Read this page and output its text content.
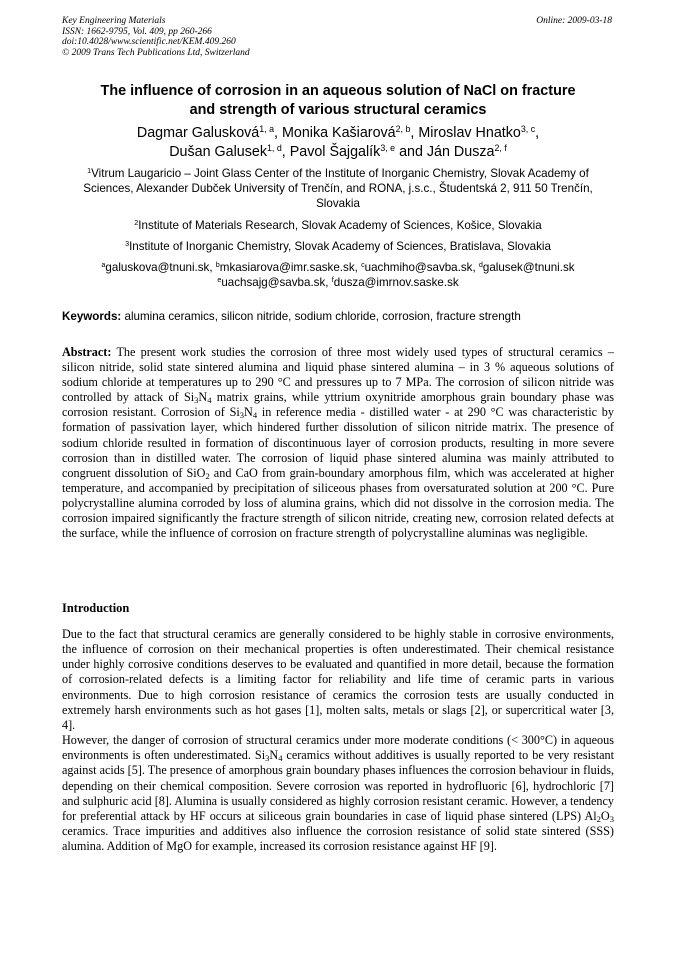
Key Engineering Materials
ISSN: 1662-9795, Vol. 409, pp 260-266
doi:10.4028/www.scientific.net/KEM.409.260
© 2009 Trans Tech Publications Ltd, Switzerland
Online: 2009-03-18
The influence of corrosion in an aqueous solution of NaCl on fracture
and strength of various structural ceramics
Dagmar Galusková$^{1, a}$, Monika Kašiarová$^{2, b}$, Miroslav Hnatko$^{3, c}$,
Dušan Galusek$^{1, d}$, Pavol Šajgalík$^{3, e}$ and Ján Dusza$^{2, f}$
$^1$Vitrum Laugaricio – Joint Glass Center of the Institute of Inorganic Chemistry, Slovak Academy of Sciences, Alexander Dubček University of Trenčín, and RONA, j.s.c., Študentská 2, 911 50 Trenčín, Slovakia
$^2$Institute of Materials Research, Slovak Academy of Sciences, Košice, Slovakia
$^3$Institute of Inorganic Chemistry, Slovak Academy of Sciences, Bratislava, Slovakia
$^a$galuskova@tnuni.sk, $^b$mkasiarova@imr.saske.sk, $^c$uachmiho@savba.sk, $^d$galusek@tnuni.sk
$^e$uachsajg@savba.sk, $^f$dusza@imrnov.saske.sk
Keywords: alumina ceramics, silicon nitride, sodium chloride, corrosion, fracture strength
Abstract: The present work studies the corrosion of three most widely used types of structural ceramics – silicon nitride, solid state sintered alumina and liquid phase sintered alumina – in 3 % aqueous solutions of sodium chloride at temperatures up to 290 °C and pressures up to 7 MPa. The corrosion of silicon nitride was controlled by attack of $Si_3N_4$ matrix grains, while yttrium oxynitride amorphous grain boundary phase was corrosion resistant. Corrosion of $Si_3N_4$ in reference media - distilled water - at 290 °C was characteristic by formation of passivation layer, which hindered further dissolution of silicon nitride matrix. The presence of sodium chloride resulted in formation of discontinuous layer of corrosion products, resulting in more severe corrosion than in distilled water. The corrosion of liquid phase sintered alumina was mainly attributed to congruent dissolution of SiO$_2$ and CaO from grain-boundary amorphous film, which was accelerated at higher temperature, and accompanied by precipitation of siliceous phases from oversaturated solution at 200 °C. Pure polycrystalline alumina corroded by loss of alumina grains, which did not dissolve in the corrosion media. The corrosion impaired significantly the fracture strength of silicon nitride, creating new, corrosion related defects at the surface, while the influence of corrosion on fracture strength of polycrystalline aluminas was negligible.
Introduction

Due to the fact that structural ceramics are generally considered to be highly stable in corrosive environments, the influence of corrosion on their mechanical properties is often underestimated. Their chemical resistance under highly corrosive conditions deserves to be evaluated and quantified in more detail, because the formation of corrosion-related defects is a limiting factor for reliability and life time of ceramic parts in various environments. Due to high corrosion resistance of ceramics the corrosion tests are usually conducted in extremely harsh environments such as hot gases [1], molten salts, metals or slags [2], or supercritical water [3, 4].

However, the danger of corrosion of structural ceramics under more moderate conditions (< 300°C) in aqueous environments is often underestimated. $Si_3N_4$ ceramics without additives is usually reported to be very resistant against acids [5]. The presence of amorphous grain boundary phases influences the corrosion behaviour in fluids, depending on their chemical composition. Severe corrosion was reported in hydrofluoric [6], hydrochloric [7] and sulphuric acid [8]. Alumina is usually considered as highly corrosion resistant ceramic. However, a tendency for preferential attack by HF occurs at siliceous grain boundaries in case of liquid phase sintered (LPS) $Al_2O_3$ ceramics. Trace impurities and additives also influence the corrosion resistance of solid state sintered (SSS) alumina. Addition of MgO for example, increased its corrosion resistance against HF [9].
